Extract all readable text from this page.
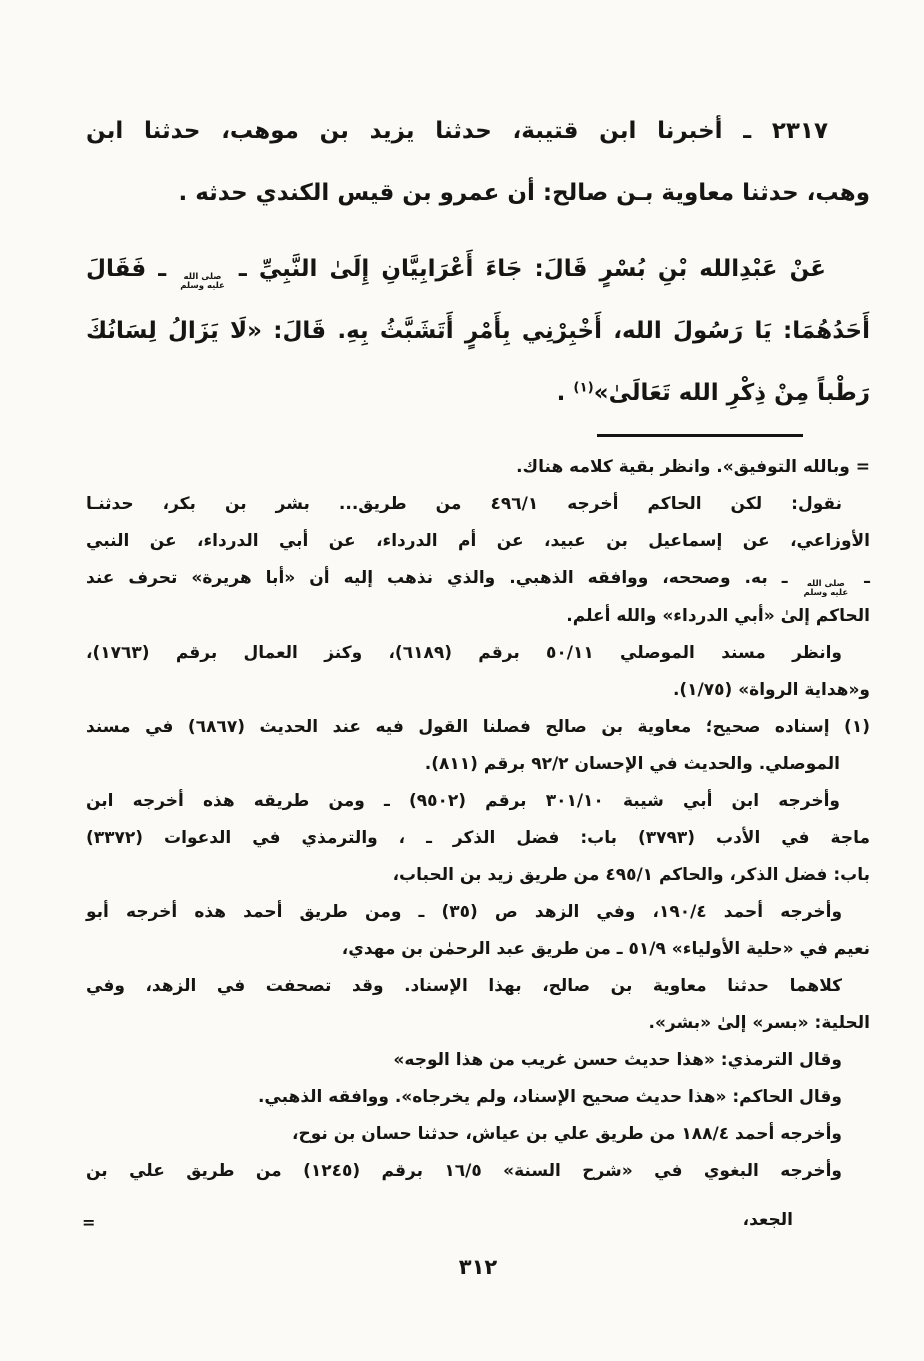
٢٣١٧ ـ أخبرنا ابن قتيبة، حدثنا يزيد بن موهب، حدثنا ابن
وهب، حدثنا معاوية بـن صالح: أن عمرو بن قيس الكندي حدثه .
عَنْ عَبْدِالله بْنِ بُسْرٍ قَالَ: جَاءَ أَعْرَابِيَّانِ إِلَىٰ النَّبِيِّ ـ
صلى الله
عليه وسلم
ـ فَقَالَ
أَحَدُهُمَا: يَا رَسُولَ الله، أَخْبِرْنِي بِأَمْرٍ أَتَشَبَّثُ بِهِ. قَالَ: «لَا يَزَالُ لِسَانُكَ
رَطْباً مِنْ ذِكْرِ الله تَعَالَىٰ»$^{(١)}$ .
= وبالله التوفيق». وانظر بقية كلامه هناك.
نقول: لكن الحاكم أخرجه ٤٩٦/١ من طريق... بشر بن بكر، حدثنـا
الأوزاعي، عن إسماعيل بن عبيد، عن أم الدرداء، عن أبي الدرداء، عن النبي
ـ
صلى الله
عليه وسلم
ـ به. وصححه، ووافقه الذهبي. والذي نذهب إليه أن «أبا هريرة» تحرف عند
الحاكم إلىٰ «أبي الدرداء» والله أعلم.
وانظر مسند الموصلي ٥٠/١١ برقم (٦١٨٩)، وكنز العمال برقم (١٧٦٣)،
و«هداية الرواة» (١/٧٥).
(١) إسناده صحيح؛ معاوية بن صالح فصلنا القول فيه عند الحديث (٦٨٦٧) في مسند
الموصلي. والحديث في الإحسان ٩٢/٢ برقم (٨١١).
وأخرجه ابن أبي شيبة ٣٠١/١٠ برقم (٩٥٠٢) ـ ومن طريقه هذه أخرجه ابن
ماجة في الأدب (٣٧٩٣) باب: فضل الذكر ـ ، والترمذي في الدعوات (٣٣٧٢)
باب: فضل الذكر، والحاكم ٤٩٥/١ من طريق زيد بن الحباب،
وأخرجه أحمد ١٩٠/٤، وفي الزهد ص (٣٥) ـ ومن طريق أحمد هذه أخرجه أبو
نعيم في «حلية الأولياء» ٥١/٩ ـ من طريق عبد الرحمٰن بن مهدي،
كلاهما حدثنا معاوية بن صالح، بهذا الإسناد. وقد تصحفت في الزهد، وفي
الحلية: «بسر» إلىٰ «بشر».
وقال الترمذي: «هذا حديث حسن غريب من هذا الوجه»
وقال الحاكم: «هذا حديث صحيح الإسناد، ولم يخرجاه». ووافقه الذهبي.
وأخرجه أحمد ١٨٨/٤ من طريق علي بن عياش، حدثنا حسان بن نوح،
وأخرجه البغوي في «شرح السنة» ١٦/٥ برقم (١٢٤٥) من طريق علي بن
=	الجعد،
٣١٢
